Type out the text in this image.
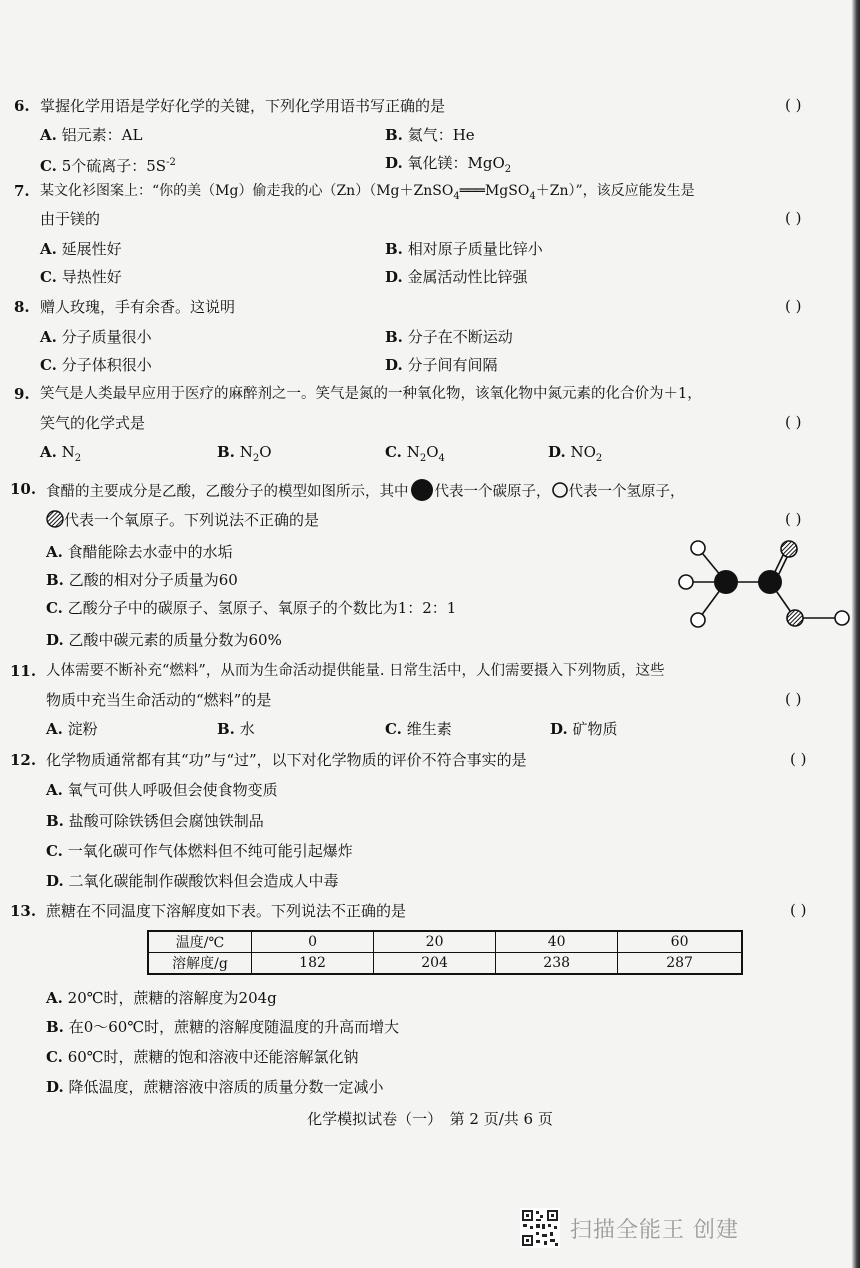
6. 掌握化学用语是学好化学的关键，下列化学用语书写正确的是	( )
A. 铝元素：AL	B. 氦气：He
C. 5个硫离子：$5S^{-2}$	D. 氧化镁：MgO$_2$
7. 某文化衫图案上：“你的美（Mg）偷走我的心（Zn）（Mg＋ZnSO$_4$═══MgSO$_4$＋Zn）”，该反应能发生是
由于镁的	( )
A. 延展性好	B. 相对原子质量比锌小
C. 导热性好	D. 金属活动性比锌强
8. 赠人玫瑰，手有余香。这说明	( )
A. 分子质量很小	B. 分子在不断运动
C. 分子体积很小	D. 分子间有间隔
9. 笑气是人类最早应用于医疗的麻醉剂之一。笑气是氮的一种氧化物，该氧化物中氮元素的化合价为＋1，
笑气的化学式是	( )
A. $N_2$	B. $N_2O$	C. $N_2O_4$	D. $NO_2$
10. 食醋的主要成分是乙酸，乙酸分子的模型如图所示，其中 代表一个碳原子， 代表一个氢原子，
代表一个氧原子。下列说法不正确的是	( )
A. 食醋能除去水壶中的水垢
B. 乙酸的相对分子质量为60
C. 乙酸分子中的碳原子、氢原子、氧原子的个数比为1：2：1
D. 乙酸中碳元素的质量分数为60%
11. 人体需要不断补充“燃料”，从而为生命活动提供能量. 日常生活中，人们需要摄入下列物质，这些
物质中充当生命活动的“燃料”的是	( )
A. 淀粉	B. 水	C. 维生素	D. 矿物质
12. 化学物质通常都有其“功”与“过”，以下对化学物质的评价不符合事实的是	( )
A. 氧气可供人呼吸但会使食物变质
B. 盐酸可除铁锈但会腐蚀铁制品
C. 一氧化碳可作气体燃料但不纯可能引起爆炸
D. 二氧化碳能制作碳酸饮料但会造成人中毒
13. 蔗糖在不同温度下溶解度如下表。下列说法不正确的是	( )
温度/℃	0	20	40	60
溶解度/g	182	204	238	287
A. 20℃时，蔗糖的溶解度为204g
B. 在0～60℃时，蔗糖的溶解度随温度的升高而增大
C. 60℃时，蔗糖的饱和溶液中还能溶解氯化钠
D. 降低温度，蔗糖溶液中溶质的质量分数一定减小
化学模拟试卷（一）　第 2 页/共 6 页
扫描全能王 创建
